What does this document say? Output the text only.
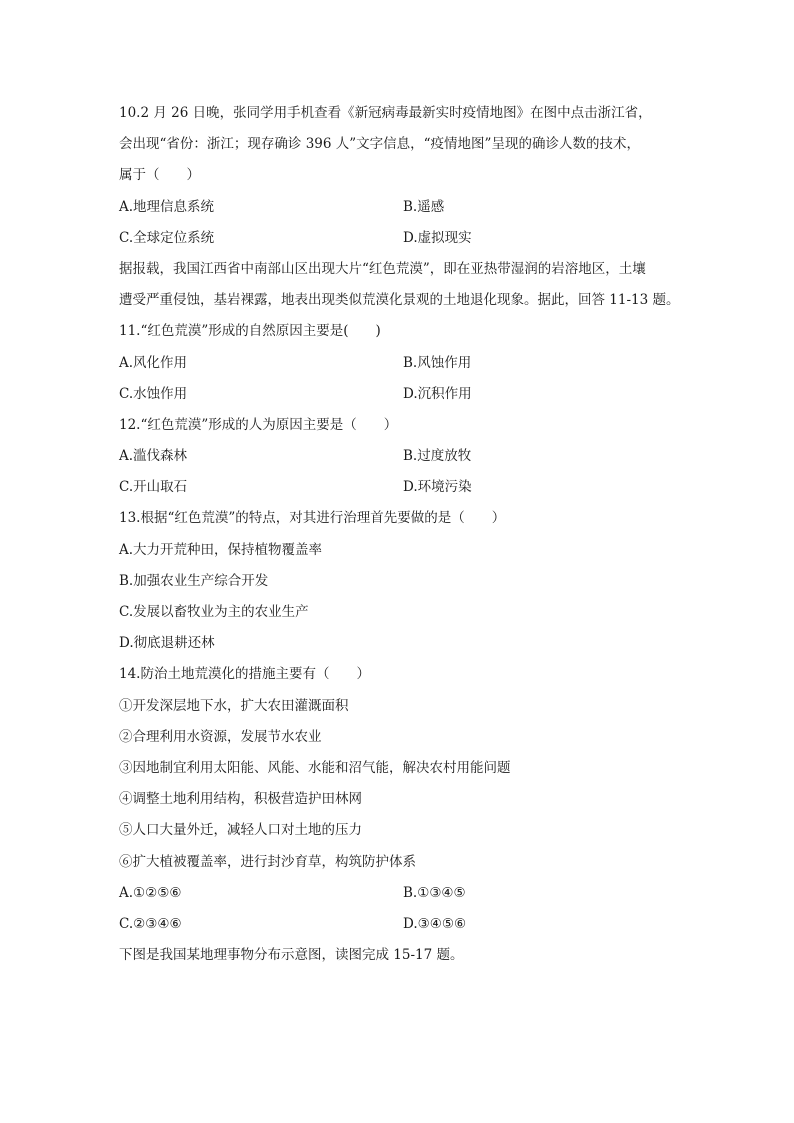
10.2 月 26 日晚，张同学用手机查看《新冠病毒最新实时疫情地图》在图中点击浙江省，
会出现“省份：浙江；现存确诊 396 人”文字信息，“疫情地图”呈现的确诊人数的技术，
属于（　　）
A.地理信息系统	B.遥感
C.全球定位系统	D.虚拟现实
据报载，我国江西省中南部山区出现大片“红色荒漠”，即在亚热带湿润的岩溶地区，土壤
遭受严重侵蚀，基岩裸露，地表出现类似荒漠化景观的土地退化现象。据此，回答 11-13 题。
11.“红色荒漠”形成的自然原因主要是(　　)
A.风化作用	B.风蚀作用
C.水蚀作用	D.沉积作用
12.“红色荒漠”形成的人为原因主要是（　　）
A.滥伐森林	B.过度放牧
C.开山取石	D.环境污染
13.根据“红色荒漠”的特点，对其进行治理首先要做的是（　　）
A.大力开荒种田，保持植物覆盖率
B.加强农业生产综合开发
C.发展以畜牧业为主的农业生产
D.彻底退耕还林
14.防治土地荒漠化的措施主要有（　　）
①开发深层地下水，扩大农田灌溉面积
②合理利用水资源，发展节水农业
③因地制宜利用太阳能、风能、水能和沼气能，解决农村用能问题
④调整土地利用结构，积极营造护田林网
⑤人口大量外迁，减轻人口对土地的压力
⑥扩大植被覆盖率，进行封沙育草，构筑防护体系
A.①②⑤⑥	B.①③④⑤
C.②③④⑥	D.③④⑤⑥
下图是我国某地理事物分布示意图，读图完成 15-17 题。
